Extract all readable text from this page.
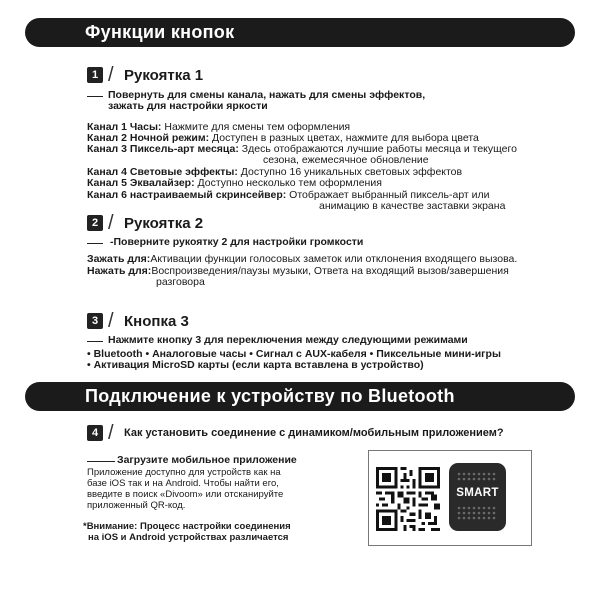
Функции кнопок
1 / Рукоятка 1
Повернуть для смены канала, нажать для смены эффектов,
зажать для настройки яркости
Канал 1 Часы: Нажмите для смены тем оформления
Канал 2 Ночной режим: Доступен в разных цветах, нажмите для выбора цвета
Канал 3 Пиксель-арт месяца: Здесь отображаются лучшие работы месяца и текущего
сезона, ежемесячное обновление
Канал 4 Световые эффекты: Доступно 16 уникальных световых эффектов
Канал 5 Эквалайзер: Доступно несколько тем оформления
Канал 6 настраиваемый скринсейвер: Отображает выбранный пиксель-арт или
анимацию в качестве заставки экрана
2 / Рукоятка 2
-Поверните рукоятку 2 для настройки громкости
Зажать для:Активации функции голосовых заметок или отклонения входящего вызова.
Нажать для:Воспроизведения/паузы музыки, Ответа на входящий вызов/завершения
разговора
3 / Кнопка 3
Нажмите кнопку 3 для переключения между следующими режимами
• Bluetooth • Аналоговые часы • Сигнал с AUX-кабеля • Пиксельные мини-игры
• Активация MicroSD карты (если карта вставлена в устройство)
Подключение к устройству по Bluetooth
4 / Как установить соединение с динамиком/мобильным приложением?
Загрузите мобильное приложение
Приложение доступно для устройств как на
базе iOS так и на Android. Чтобы найти его,
введите в поиск «Divoom» или отсканируйте
приложенный QR-код.
*Внимание: Процесс настройки соединения
на iOS и Android устройствах различается
SMART
